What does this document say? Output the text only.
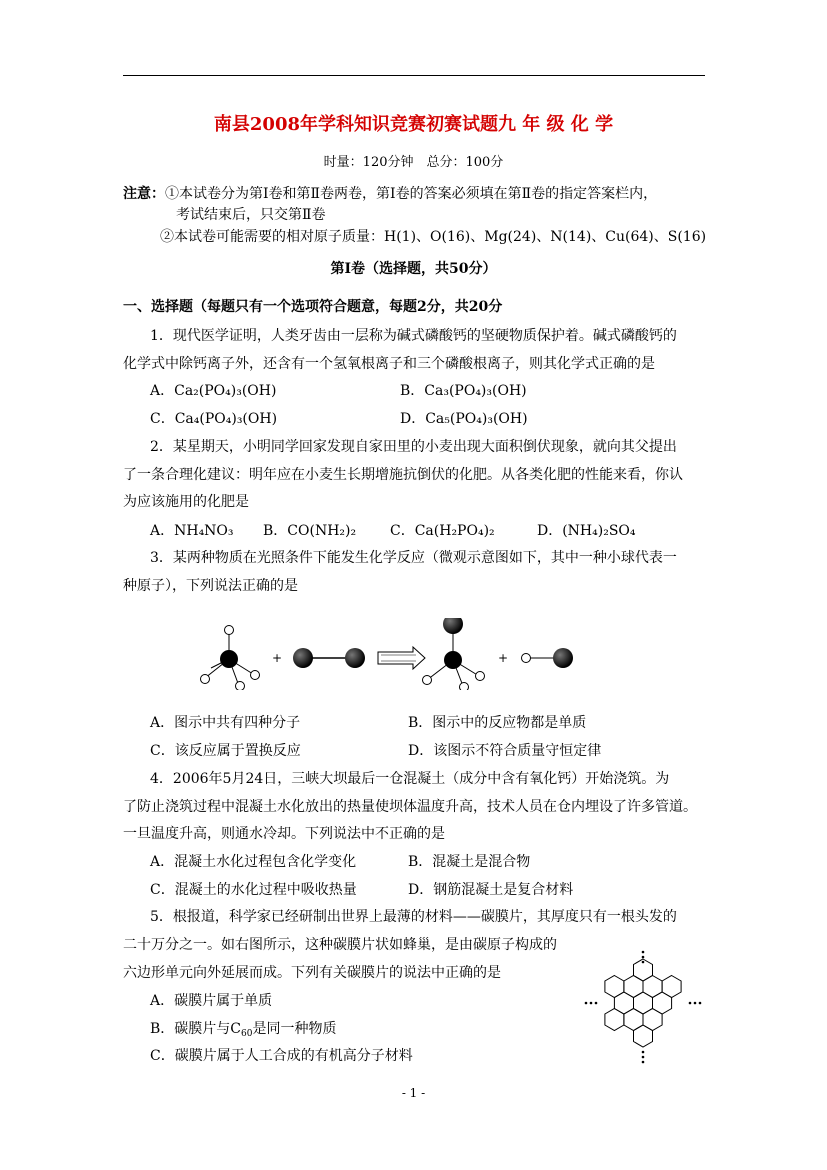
南县2008年学科知识竞赛初赛试题九 年 级 化 学
时量：120分钟　总分：100分
注意：①本试卷分为第Ⅰ卷和第Ⅱ卷两卷，第Ⅰ卷的答案必须填在第Ⅱ卷的指定答案栏内，
考试结束后，只交第Ⅱ卷
②本试卷可能需要的相对原子质量：H(1)、O(16)、Mg(24)、N(14)、Cu(64)、S(16)
第Ⅰ卷（选择题，共50分）
一、选择题（每题只有一个选项符合题意，每题2分，共20分
1．现代医学证明，人类牙齿由一层称为碱式磷酸钙的坚硬物质保护着。碱式磷酸钙的
化学式中除钙离子外，还含有一个氢氧根离子和三个磷酸根离子，则其化学式正确的是
A．Ca₂(PO₄)₃(OH)	B．Ca₃(PO₄)₃(OH)
C．Ca₄(PO₄)₃(OH)	D．Ca₅(PO₄)₃(OH)
2．某星期天，小明同学回家发现自家田里的小麦出现大面积倒伏现象，就向其父提出
了一条合理化建议：明年应在小麦生长期增施抗倒伏的化肥。从各类化肥的性能来看，你认
为应该施用的化肥是
A．NH₄NO₃ B．CO(NH₂)₂ C．Ca(H₂PO₄)₂	D．(NH₄)₂SO₄
3．某两种物质在光照条件下能发生化学反应（微观示意图如下，其中一种小球代表一
种原子），下列说法正确的是
+	+
A．图示中共有四种分子	B．图示中的反应物都是单质
C．该反应属于置换反应	D．该图示不符合质量守恒定律
4．2006年5月24日，三峡大坝最后一仓混凝土（成分中含有氧化钙）开始浇筑。为
了防止浇筑过程中混凝土水化放出的热量使坝体温度升高，技术人员在仓内埋设了许多管道。
一旦温度升高，则通水冷却。下列说法中不正确的是
A．混凝土水化过程包含化学变化	B．混凝土是混合物
C．混凝土的水化过程中吸收热量	D．钢筋混凝土是复合材料
5．根报道，科学家已经研制出世界上最薄的材料——碳膜片，其厚度只有一根头发的
二十万分之一。如右图所示，这种碳膜片状如蜂巢，是由碳原子构成的
六边形单元向外延展而成。下列有关碳膜片的说法中正确的是
A．碳膜片属于单质
B．碳膜片与$C_{60}$是同一种物质
C．碳膜片属于人工合成的有机高分子材料
- 1 -
